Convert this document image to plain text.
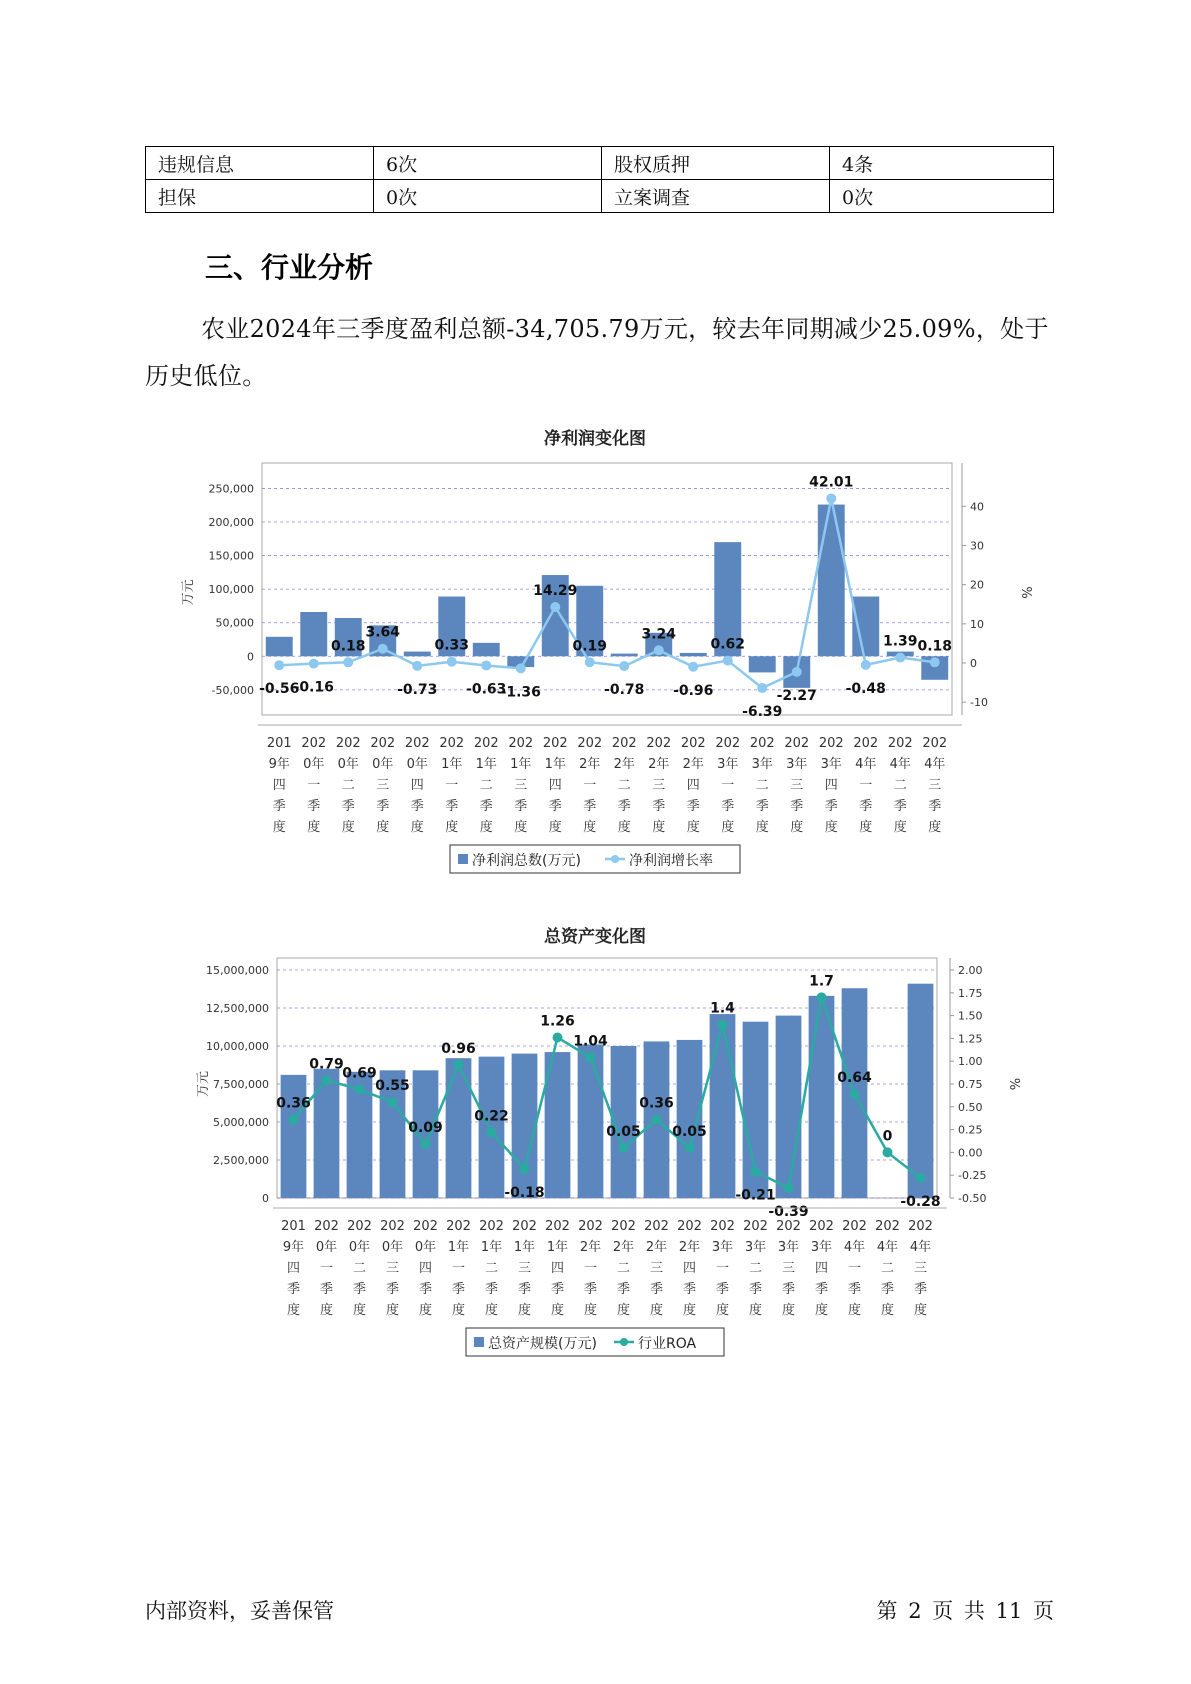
违规信息	6次	股权质押	4条
担保	0次	立案调查	0次
三、行业分析

农业2024年三季度盈利总额-34,705.79万元，较去年同期减少25.09%，处于历史低位。

净利润变化图
250,000
200,000
150,000
100,000
50,000
0
-50,000
万元
40
30
20
10
0
-10
%
-0.56
-0.16
0.18
3.64
-0.73
0.33
-0.63
-1.36
14.29
0.19
-0.78
3.24
-0.96
0.62
-6.39
-2.27
42.01
-0.48
1.39 0.18
201
9年
四
季
度
202
0年
一
季
度
202
0年
二
季
度
202
0年
三
季
度
202
0年
四
季
度
202
1年
一
季
度
202
1年
二
季
度
202
1年
三
季
度
202
1年
四
季
度
202
2年
一
季
度
202
2年
二
季
度
202
2年
三
季
度
202
2年
四
季
度
202
3年
一
季
度
202
3年
二
季
度
202
3年
三
季
度
202
3年
四
季
度
202
4年
一
季
度
202
4年
二
季
度
202
4年
三
季
度
净利润总数(万元)	净利润增长率
总资产变化图
15,000,000
12,500,000
10,000,000
7,500,000
5,000,000
2,500,000
0
万元
2.00
1.75
1.50
1.25
1.00
0.75
0.50
0.25
0.00
-0.25
-0.50
%
0.36
0.79
0.69
0.55
0.09
0.96
0.22
-0.18
1.26
1.04
0.05
0.36
0.05
1.4
-0.21
-0.39
1.7
0.64
0
-0.28
201
9年
四
季
度
202
0年
一
季
度
202
0年
二
季
度
202
0年
三
季
度
202
0年
四
季
度
202
1年
一
季
度
202
1年
二
季
度
202
1年
三
季
度
202
1年
四
季
度
202
2年
一
季
度
202
2年
二
季
度
202
2年
三
季
度
202
2年
四
季
度
202
3年
一
季
度
202
3年
二
季
度
202
3年
三
季
度
202
3年
四
季
度
202
4年
一
季
度
202
4年
二
季
度
202
4年
三
季
度
总资产规模(万元)	行业ROA
内部资料，妥善保管	第 2 页 共 11 页
